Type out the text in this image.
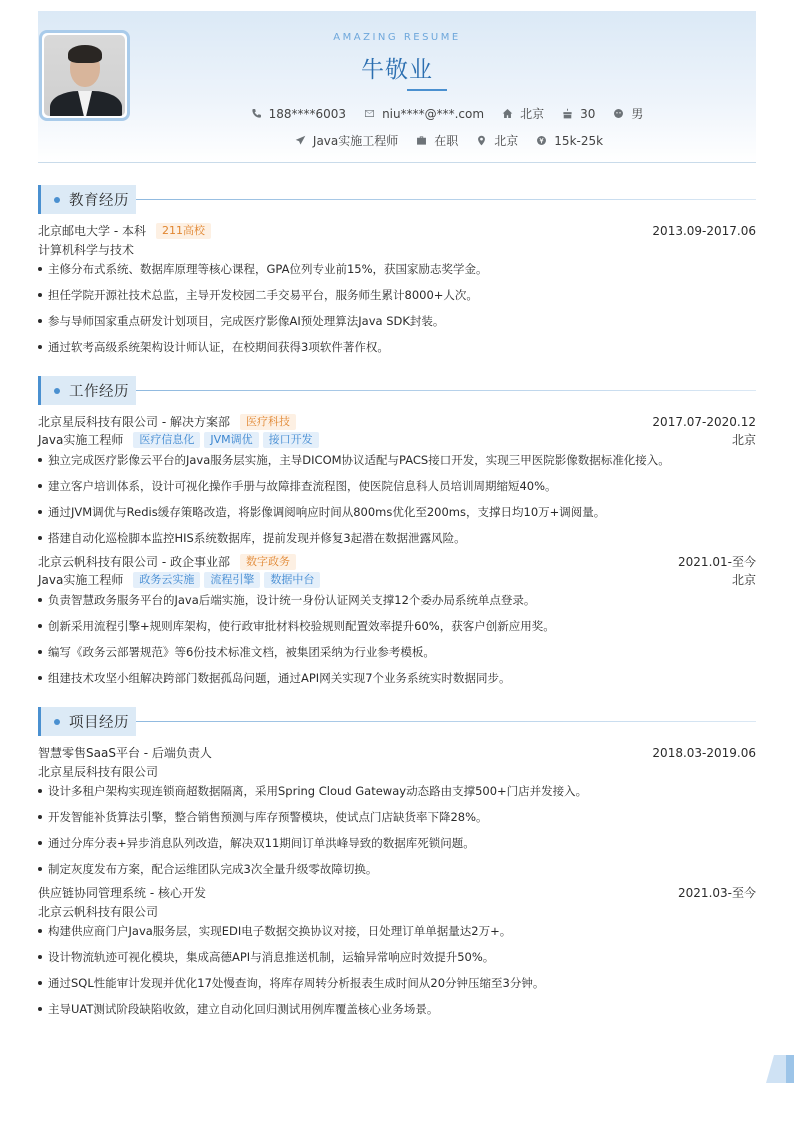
AMAZING RESUME
牛敬业
188****6003	niu****@***.com	北京	30	男
Java实施工程师	在职	北京	15k-25k
教育经历
北京邮电大学 - 本科	211高校	2013.09-2017.06
计算机科学与技术
主修分布式系统、数据库原理等核心课程，GPA位列专业前15%，获国家励志奖学金。
担任学院开源社技术总监，主导开发校园二手交易平台，服务师生累计8000+人次。
参与导师国家重点研发计划项目，完成医疗影像AI预处理算法Java SDK封装。
通过软考高级系统架构设计师认证，在校期间获得3项软件著作权。
工作经历
北京星辰科技有限公司 - 解决方案部	医疗科技	2017.07-2020.12
Java实施工程师	医疗信息化	JVM调优	接口开发	北京
独立完成医疗影像云平台的Java服务层实施，主导DICOM协议适配与PACS接口开发，实现三甲医院影像数据标准化接入。
建立客户培训体系，设计可视化操作手册与故障排查流程图，使医院信息科人员培训周期缩短40%。
通过JVM调优与Redis缓存策略改造，将影像调阅响应时间从800ms优化至200ms，支撑日均10万+调阅量。
搭建自动化巡检脚本监控HIS系统数据库，提前发现并修复3起潜在数据泄露风险。
北京云帆科技有限公司 - 政企事业部	数字政务	2021.01-至今
Java实施工程师	政务云实施	流程引擎	数据中台	北京
负责智慧政务服务平台的Java后端实施，设计统一身份认证网关支撑12个委办局系统单点登录。
创新采用流程引擎+规则库架构，使行政审批材料校验规则配置效率提升60%，获客户创新应用奖。
编写《政务云部署规范》等6份技术标准文档，被集团采纳为行业参考模板。
组建技术攻坚小组解决跨部门数据孤岛问题，通过API网关实现7个业务系统实时数据同步。
项目经历
智慧零售SaaS平台 - 后端负责人	2018.03-2019.06
北京星辰科技有限公司
设计多租户架构实现连锁商超数据隔离，采用Spring Cloud Gateway动态路由支撑500+门店并发接入。
开发智能补货算法引擎，整合销售预测与库存预警模块，使试点门店缺货率下降28%。
通过分库分表+异步消息队列改造，解决双11期间订单洪峰导致的数据库死锁问题。
制定灰度发布方案，配合运维团队完成3次全量升级零故障切换。
供应链协同管理系统 - 核心开发	2021.03-至今
北京云帆科技有限公司
构建供应商门户Java服务层，实现EDI电子数据交换协议对接，日处理订单单据量达2万+。
设计物流轨迹可视化模块，集成高德API与消息推送机制，运输异常响应时效提升50%。
通过SQL性能审计发现并优化17处慢查询，将库存周转分析报表生成时间从20分钟压缩至3分钟。
主导UAT测试阶段缺陷收敛，建立自动化回归测试用例库覆盖核心业务场景。
